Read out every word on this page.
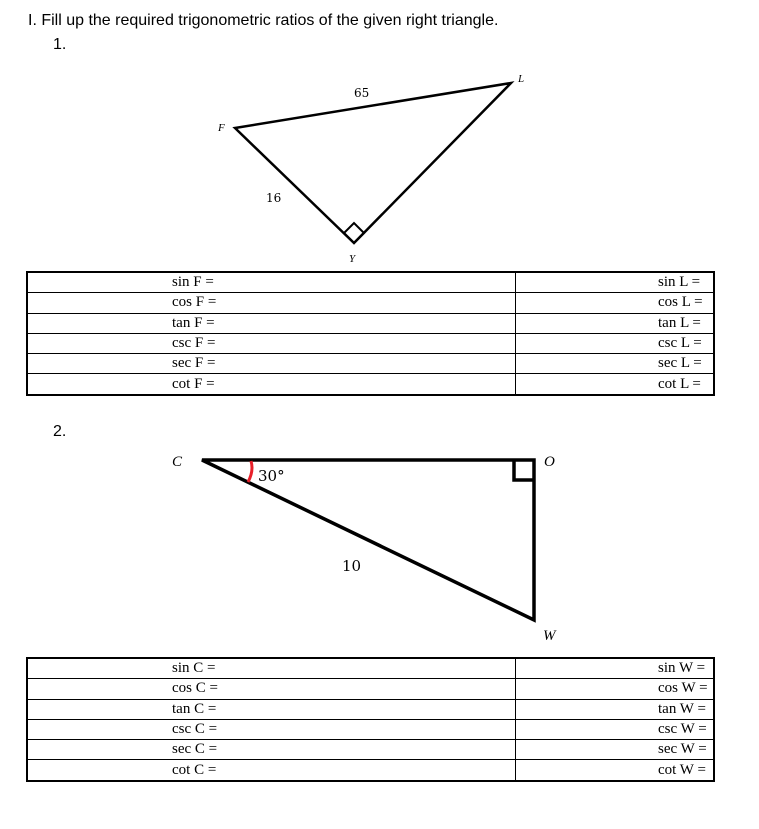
I. Fill up the required trigonometric ratios of the given right triangle.
1.
2.
F
L
Y
65
16
C	O
W
30°
10
sin F =	sin L =
cos F =	cos L =
tan F =	tan L =
csc F =	csc L =
sec F =	sec L =
cot F =	cot L =
sin C =	sin W =
cos C =	cos W =
tan C =	tan W =
csc C =	csc W =
sec C =	sec W =
cot C =	cot W =
